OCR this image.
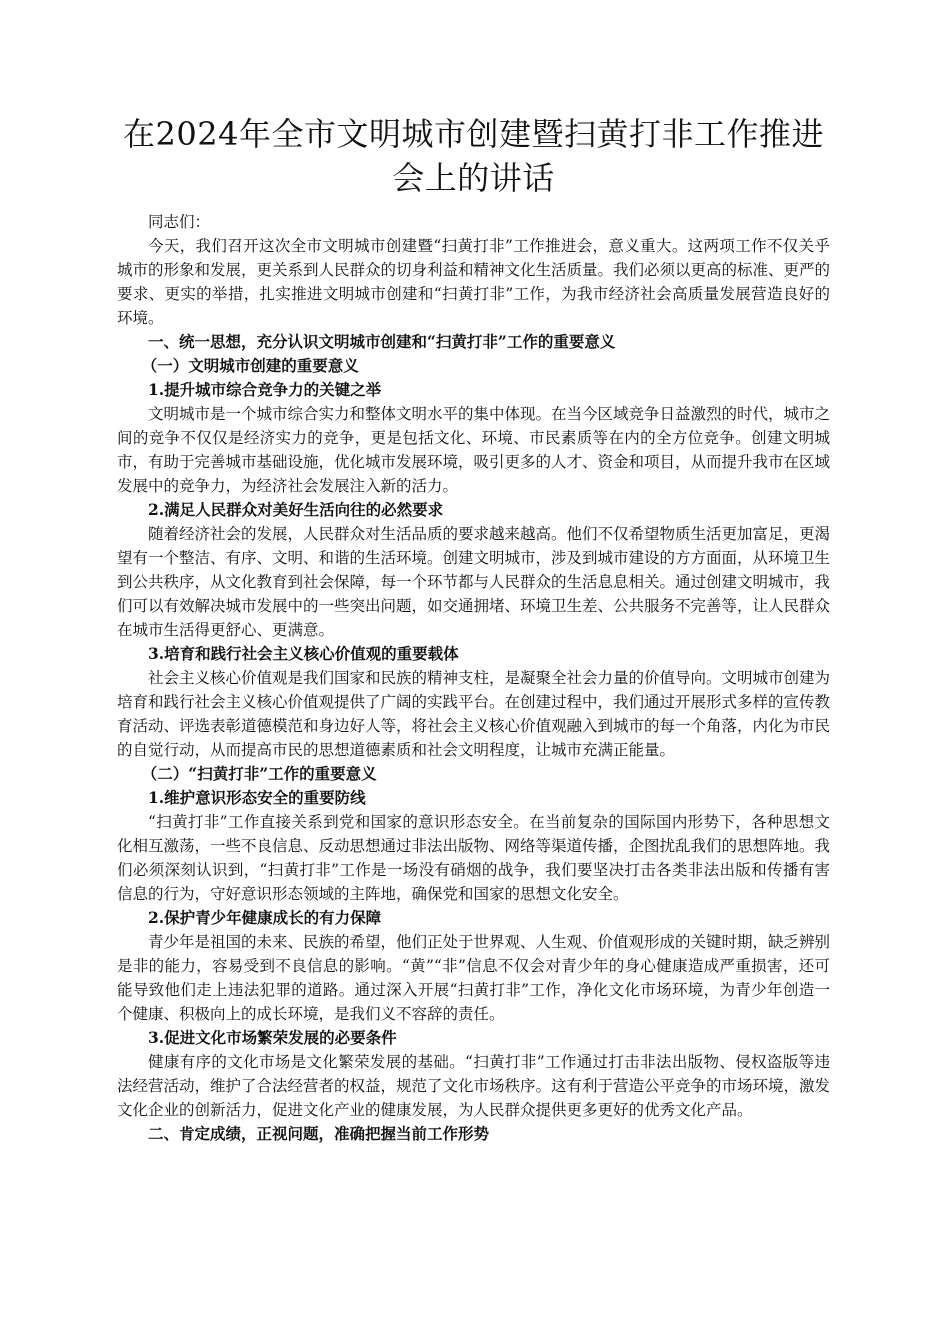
在2024年全市文明城市创建暨扫黄打非工作推进会上的讲话

同志们：

今天，我们召开这次全市文明城市创建暨“扫黄打非”工作推进会，意义重大。这两项工作不仅关乎城市的形象和发展，更关系到人民群众的切身利益和精神文化生活质量。我们必须以更高的标准、更严的要求、更实的举措，扎实推进文明城市创建和“扫黄打非”工作，为我市经济社会高质量发展营造良好的环境。

一、统一思想，充分认识文明城市创建和“扫黄打非”工作的重要意义

（一）文明城市创建的重要意义

1.提升城市综合竞争力的关键之举

文明城市是一个城市综合实力和整体文明水平的集中体现。在当今区域竞争日益激烈的时代，城市之间的竞争不仅仅是经济实力的竞争，更是包括文化、环境、市民素质等在内的全方位竞争。创建文明城市，有助于完善城市基础设施，优化城市发展环境，吸引更多的人才、资金和项目，从而提升我市在区域发展中的竞争力，为经济社会发展注入新的活力。

2.满足人民群众对美好生活向往的必然要求

随着经济社会的发展，人民群众对生活品质的要求越来越高。他们不仅希望物质生活更加富足，更渴望有一个整洁、有序、文明、和谐的生活环境。创建文明城市，涉及到城市建设的方方面面，从环境卫生到公共秩序，从文化教育到社会保障，每一个环节都与人民群众的生活息息相关。通过创建文明城市，我们可以有效解决城市发展中的一些突出问题，如交通拥堵、环境卫生差、公共服务不完善等，让人民群众在城市生活得更舒心、更满意。

3.培育和践行社会主义核心价值观的重要载体

社会主义核心价值观是我们国家和民族的精神支柱，是凝聚全社会力量的价值导向。文明城市创建为培育和践行社会主义核心价值观提供了广阔的实践平台。在创建过程中，我们通过开展形式多样的宣传教育活动、评选表彰道德模范和身边好人等，将社会主义核心价值观融入到城市的每一个角落，内化为市民的自觉行动，从而提高市民的思想道德素质和社会文明程度，让城市充满正能量。

（二）“扫黄打非”工作的重要意义

1.维护意识形态安全的重要防线

“扫黄打非”工作直接关系到党和国家的意识形态安全。在当前复杂的国际国内形势下，各种思想文化相互激荡，一些不良信息、反动思想通过非法出版物、网络等渠道传播，企图扰乱我们的思想阵地。我们必须深刻认识到，“扫黄打非”工作是一场没有硝烟的战争，我们要坚决打击各类非法出版和传播有害信息的行为，守好意识形态领域的主阵地，确保党和国家的思想文化安全。

2.保护青少年健康成长的有力保障

青少年是祖国的未来、民族的希望，他们正处于世界观、人生观、价值观形成的关键时期，缺乏辨别是非的能力，容易受到不良信息的影响。“黄”“非”信息不仅会对青少年的身心健康造成严重损害，还可能导致他们走上违法犯罪的道路。通过深入开展“扫黄打非”工作，净化文化市场环境，为青少年创造一个健康、积极向上的成长环境，是我们义不容辞的责任。

3.促进文化市场繁荣发展的必要条件

健康有序的文化市场是文化繁荣发展的基础。“扫黄打非”工作通过打击非法出版物、侵权盗版等违法经营活动，维护了合法经营者的权益，规范了文化市场秩序。这有利于营造公平竞争的市场环境，激发文化企业的创新活力，促进文化产业的健康发展，为人民群众提供更多更好的优秀文化产品。

二、肯定成绩，正视问题，准确把握当前工作形势
